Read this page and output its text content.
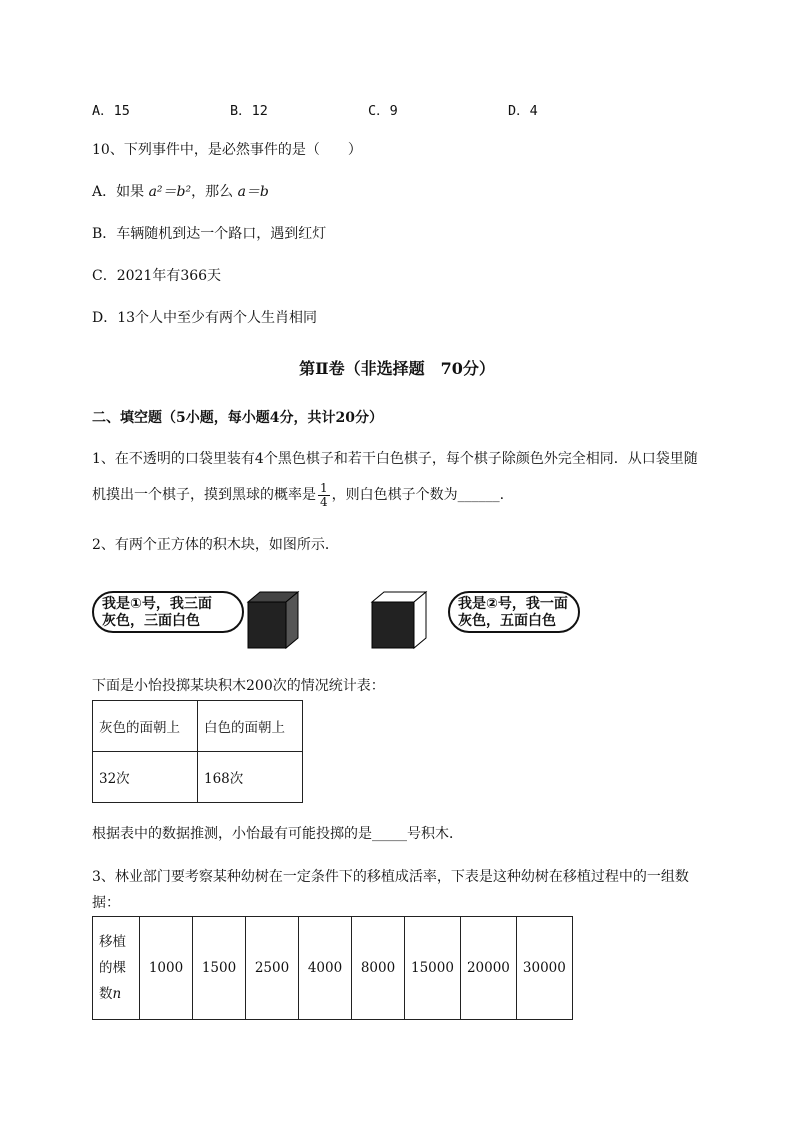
A．15	B．12	C．9	D．4
10、下列事件中，是必然事件的是（　　）
A．如果 a²＝b²，那么 a＝b
B．车辆随机到达一个路口，遇到红灯
C．2021年有366天
D．13个人中至少有两个人生肖相同
第Ⅱ卷（非选择题　70分）
二、填空题（5小题，每小题4分，共计20分）
1、在不透明的口袋里装有4个黑色棋子和若干白色棋子，每个棋子除颜色外完全相同．从口袋里随
机摸出一个棋子，摸到黑球的概率是 $\frac{1}{4}$ ，则白色棋子个数为______.
2、有两个正方体的积木块，如图所示．
我是①号，我三面
灰色，三面白色
我是②号，我一面
灰色，五面白色
下面是小怡投掷某块积木200次的情况统计表：
灰色的面朝上	白色的面朝上
32次	168次
根据表中的数据推测，小怡最有可能投掷的是_____号积木．
3、林业部门要考察某种幼树在一定条件下的移植成活率，下表是这种幼树在移植过程中的一组数
据：
移植
的棵
数n
	1000	1500	2500	4000	8000	15000	20000	30000
